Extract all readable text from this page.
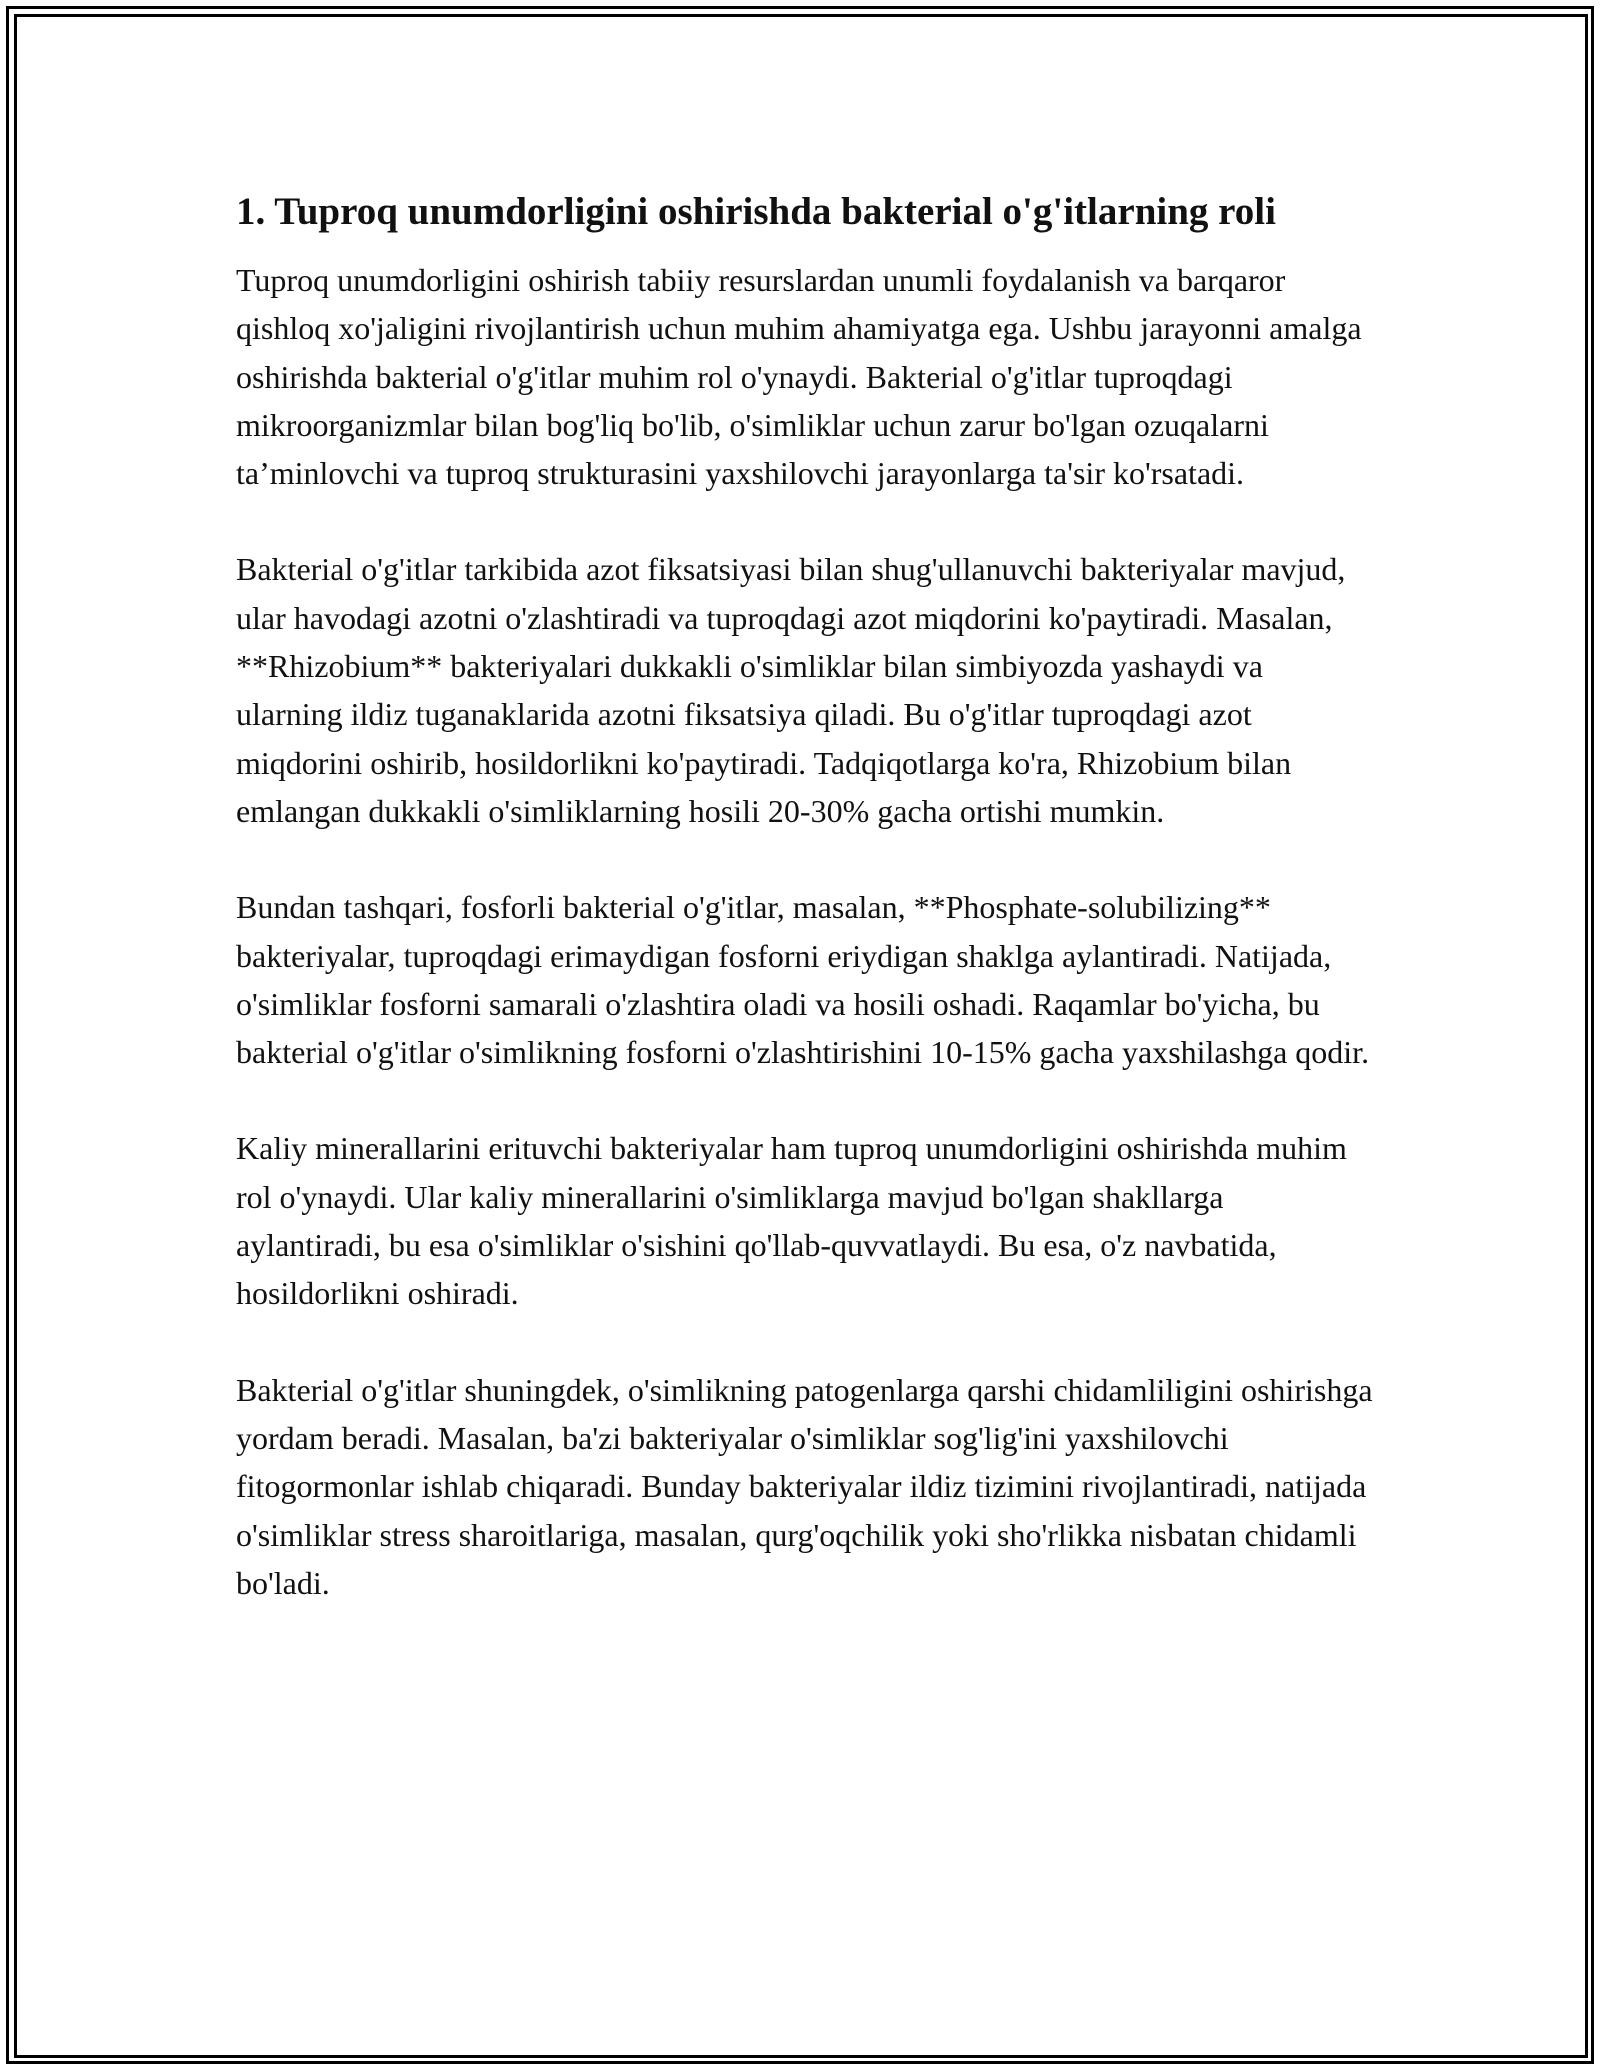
1. Tuproq unumdorligini oshirishda bakterial o'g'itlarning roli

Tuproq unumdorligini oshirish tabiiy resurslardan unumli foydalanish va barqaror qishloq xo'jaligini rivojlantirish uchun muhim ahamiyatga ega. Ushbu jarayonni amalga oshirishda bakterial o'g'itlar muhim rol o'ynaydi. Bakterial o'g'itlar tuproqdagi mikroorganizmlar bilan bog'liq bo'lib, o'simliklar uchun zarur bo'lgan ozuqalarni ta’minlovchi va tuproq strukturasini yaxshilovchi jarayonlarga ta'sir ko'rsatadi.

Bakterial o'g'itlar tarkibida azot fiksatsiyasi bilan shug'ullanuvchi bakteriyalar mavjud, ular havodagi azotni o'zlashtiradi va tuproqdagi azot miqdorini ko'paytiradi. Masalan, **Rhizobium** bakteriyalari dukkakli o'simliklar bilan simbiyozda yashaydi va ularning ildiz tuganaklarida azotni fiksatsiya qiladi. Bu o'g'itlar tuproqdagi azot miqdorini oshirib, hosildorlikni ko'paytiradi. Tadqiqotlarga ko'ra, Rhizobium bilan emlangan dukkakli o'simliklarning hosili 20-30% gacha ortishi mumkin.

Bundan tashqari, fosforli bakterial o'g'itlar, masalan, **Phosphate-solubilizing** bakteriyalar, tuproqdagi erimaydigan fosforni eriydigan shaklga aylantiradi. Natijada, o'simliklar fosforni samarali o'zlashtira oladi va hosili oshadi. Raqamlar bo'yicha, bu bakterial o'g'itlar o'simlikning fosforni o'zlashtirishini 10-15% gacha yaxshilashga qodir.

Kaliy minerallarini erituvchi bakteriyalar ham tuproq unumdorligini oshirishda muhim rol o'ynaydi. Ular kaliy minerallarini o'simliklarga mavjud bo'lgan shakllarga aylantiradi, bu esa o'simliklar o'sishini qo'llab-quvvatlaydi. Bu esa, o'z navbatida, hosildorlikni oshiradi.

Bakterial o'g'itlar shuningdek, o'simlikning patogenlarga qarshi chidamliligini oshirishga yordam beradi. Masalan, ba'zi bakteriyalar o'simliklar sog'lig'ini yaxshilovchi fitogormonlar ishlab chiqaradi. Bunday bakteriyalar ildiz tizimini rivojlantiradi, natijada o'simliklar stress sharoitlariga, masalan, qurg'oqchilik yoki sho'rlikka nisbatan chidamli bo'ladi.
